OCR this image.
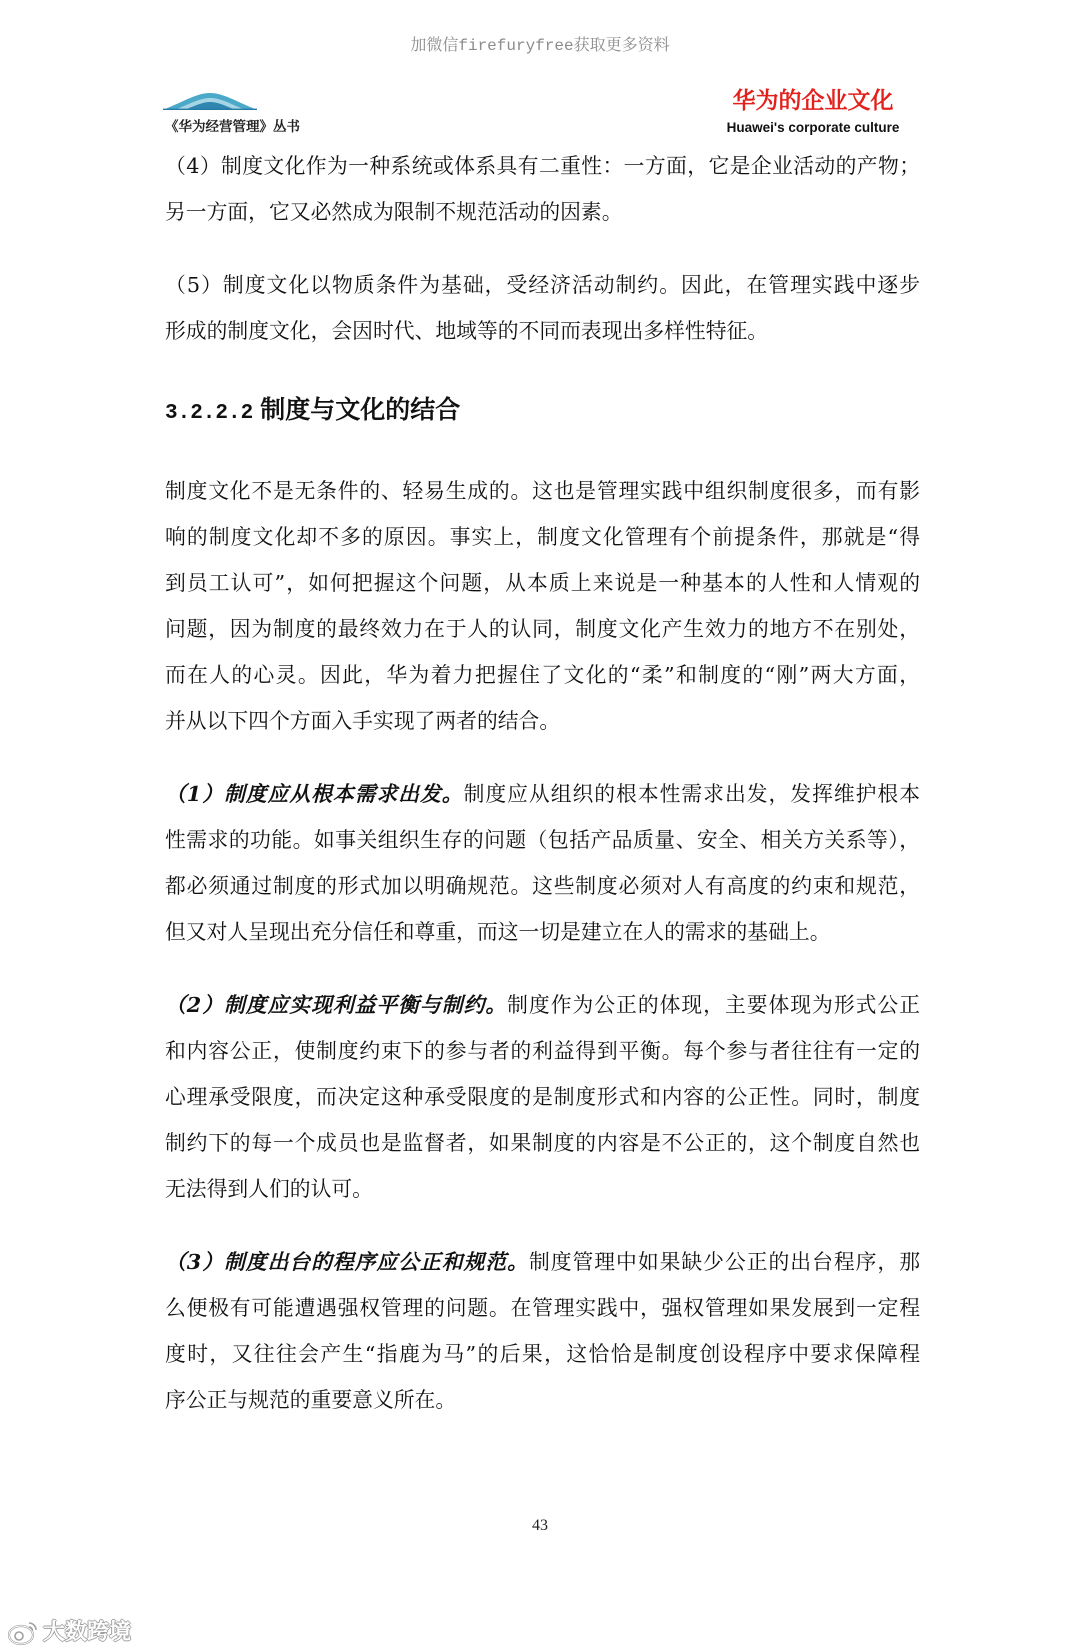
加微信firefuryfree获取更多资料
《华为经营管理》丛书
华为的企业文化
Huawei's corporate culture
（4）制度文化作为一种系统或体系具有二重性：一方面，它是企业活动的产物；
另一方面，它又必然成为限制不规范活动的因素。
（5）制度文化以物质条件为基础，受经济活动制约。因此，在管理实践中逐步
形成的制度文化，会因时代、地域等的不同而表现出多样性特征。
3.2.2.2 制度与文化的结合
制度文化不是无条件的、轻易生成的。这也是管理实践中组织制度很多，而有影
响的制度文化却不多的原因。事实上，制度文化管理有个前提条件，那就是“得
到员工认可”，如何把握这个问题，从本质上来说是一种基本的人性和人情观的
问题，因为制度的最终效力在于人的认同，制度文化产生效力的地方不在别处，
而在人的心灵。因此，华为着力把握住了文化的“柔”和制度的“刚”两大方面，
并从以下四个方面入手实现了两者的结合。
（1）制度应从根本需求出发。制度应从组织的根本性需求出发，发挥维护根本
性需求的功能。如事关组织生存的问题（包括产品质量、安全、相关方关系等），
都必须通过制度的形式加以明确规范。这些制度必须对人有高度的约束和规范，
但又对人呈现出充分信任和尊重，而这一切是建立在人的需求的基础上。
（2）制度应实现利益平衡与制约。制度作为公正的体现，主要体现为形式公正
和内容公正，使制度约束下的参与者的利益得到平衡。每个参与者往往有一定的
心理承受限度，而决定这种承受限度的是制度形式和内容的公正性。同时，制度
制约下的每一个成员也是监督者，如果制度的内容是不公正的，这个制度自然也
无法得到人们的认可。
（3）制度出台的程序应公正和规范。制度管理中如果缺少公正的出台程序，那
么便极有可能遭遇强权管理的问题。在管理实践中，强权管理如果发展到一定程
度时，又往往会产生“指鹿为马”的后果，这恰恰是制度创设程序中要求保障程
序公正与规范的重要意义所在。
43
大数跨境
